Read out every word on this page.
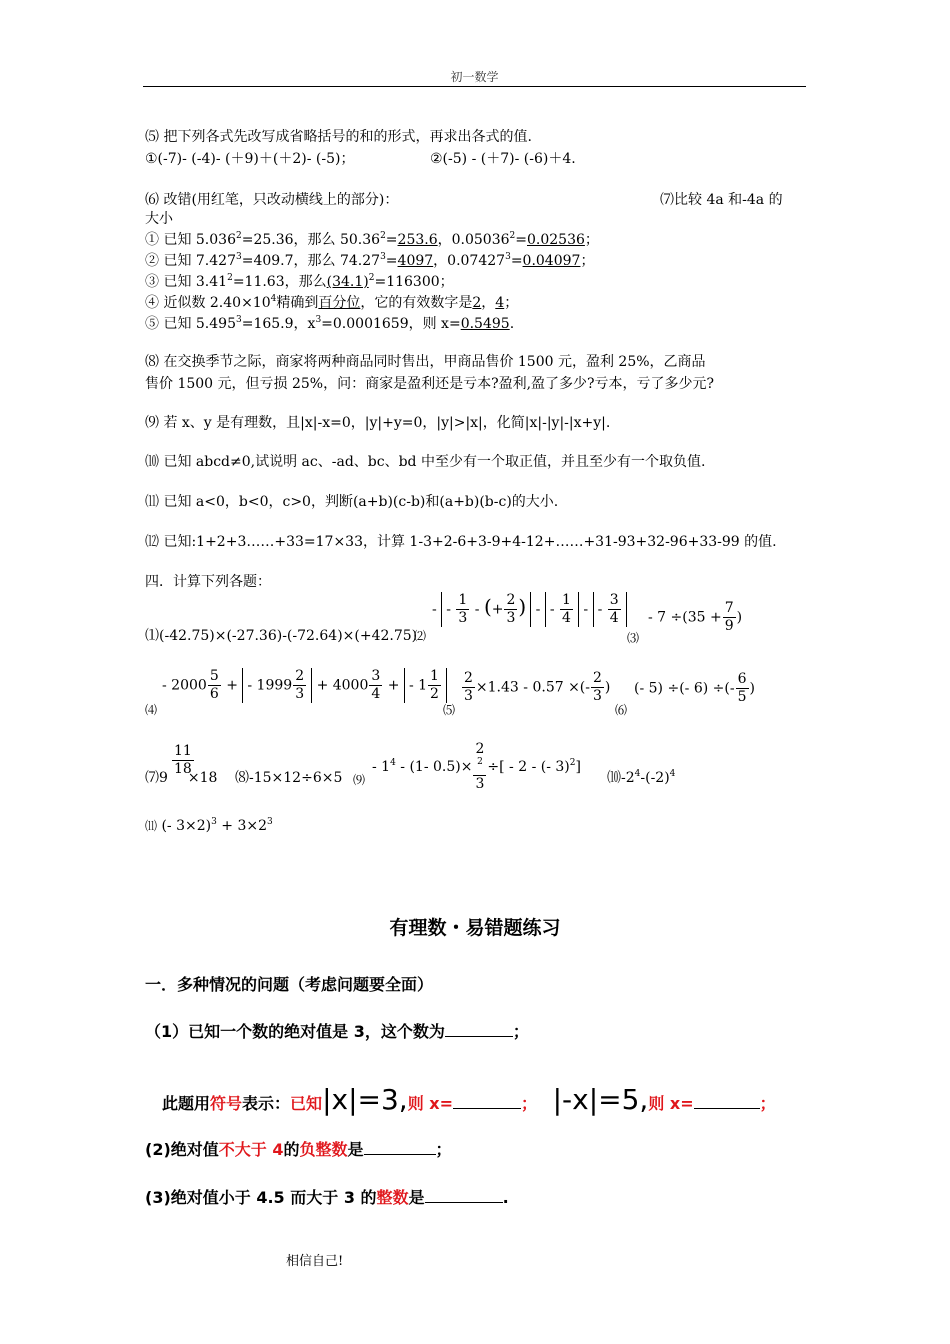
初一数学
⑸ 把下列各式先改写成省略括号的和的形式，再求出各式的值.
①(-7)- (-4)- (＋9)＋(＋2)- (-5)；	②(-5) - (＋7)- (-6)＋4.
⑹ 改错(用红笔，只改动横线上的部分)：	⑺比较 4a 和-4a 的
大小
① 已知 $5.036^2=25.36$，那么 $50.36^2=253.6$，$0.05036^2=0.02536$；
② 已知 $7.427^3=409.7$，那么 $74.27^3=4097$，$0.07427^3=0.04097$；
③ 已知 $3.41^2=11.63$，那么$(34.1)^2=116300$；
④ 近似数 $2.40\times 10^4$精确到百分位，它的有效数字是2，4；
⑤ 已知 $5.495^3=165.9$，$x^3=0.0001659$，则 x=0.5495.
⑻ 在交换季节之际，商家将两种商品同时售出，甲商品售价 1500 元，盈利 25%，乙商品
售价 1500 元，但亏损 25%，问：商家是盈利还是亏本?盈利,盈了多少?亏本，亏了多少元?
⑼ 若 x、y 是有理数，且|x|-x=0，|y|+y=0，|y|>|x|，化简|x|-|y|-|x+y|.
⑽ 已知 abcd≠0,试说明 ac、-ad、bc、bd 中至少有一个取正值，并且至少有一个取负值.
⑾ 已知 a<0，b<0，c>0，判断(a+b)(c-b)和(a+b)(b-c)的大小.
⑿ 已知:1+2+3……+33=17×33，计算 1-3+2-6+3-9+4-12+……+31-93+32-96+33-99 的值.
四．计算下列各题：
⑴(-42.75)×(-27.36)-(-72.64)×(+42.75)
⑵
- - $\frac{1}{3}$ - (+ $\frac{2}{3}$ ) - - $\frac{1}{4}$ - - $\frac{3}{4}$
⑶
- $7 \div(35 + \frac{7}{9}$ )
- $2000 \frac{5}{6}$ + - $1999 \frac{2}{3} + 4000 \frac{3}{4}$ + - $1 \frac{1}{2}$
⑷	⑸
$\frac{2}{3} \times 1.43 - 0.57$ ×(- $\frac{2}{3}$ )
⑹
(- 5) ÷(- 6) ÷(- $\frac{6}{5}$ )
$\frac{11}{18}$
⑺9 ×18 ⑻-15×12÷6×5 ⑼
- $1^4 - (1-$ 0.5)× 2
$^2$
3 ÷[ - 2 - (- 3)$^2$]
$⑽-2^4-(-2)^4$
⑾ (- $3\times 2)^3 + 3\times 2^3$
有理数・易错题练习
一．多种情况的问题（考虑问题要全面）
（1）已知一个数的绝对值是 3，这个数为	；
此题用符号表示：已知|x|=3,则 x=	； |-x|=5,则 x=	；
(2)绝对值不大于 4的负整数是	；
(3)绝对值小于 4.5 而大于 3 的整数是	.
相信自己!
